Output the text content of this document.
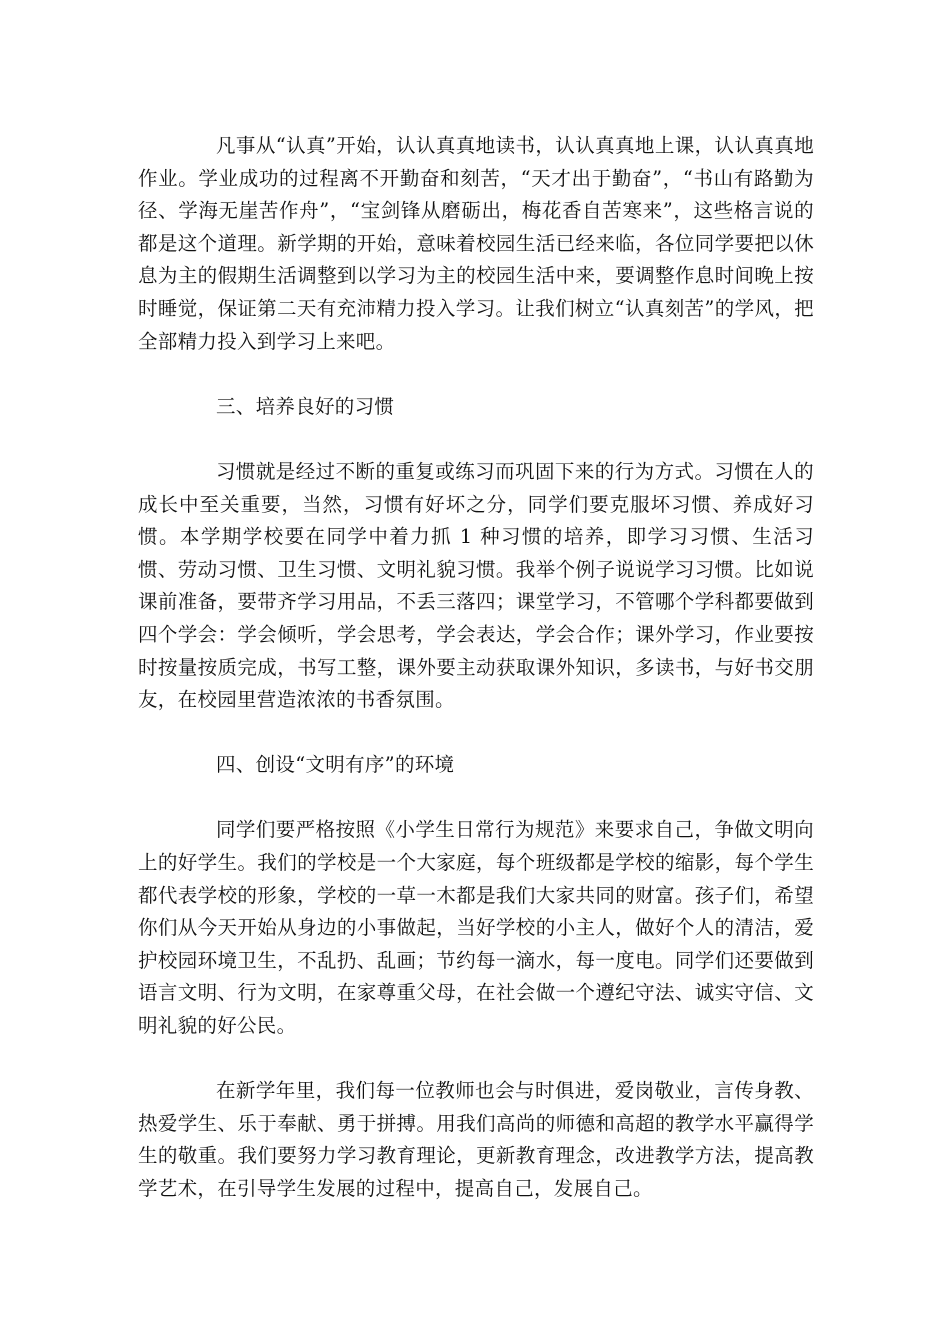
凡事从“认真”开始，认认真真地读书，认认真真地上课，认认真真地作业。学业成功的过程离不开勤奋和刻苦，“天才出于勤奋”，“书山有路勤为径、学海无崖苦作舟”，“宝剑锋从磨砺出，梅花香自苦寒来”，这些格言说的都是这个道理。新学期的开始，意味着校园生活已经来临，各位同学要把以休息为主的假期生活调整到以学习为主的校园生活中来，要调整作息时间晚上按时睡觉，保证第二天有充沛精力投入学习。让我们树立“认真刻苦”的学风，把全部精力投入到学习上来吧。

三、培养良好的习惯

习惯就是经过不断的重复或练习而巩固下来的行为方式。习惯在人的成长中至关重要，当然，习惯有好坏之分，同学们要克服坏习惯、养成好习惯。本学期学校要在同学中着力抓 1 种习惯的培养，即学习习惯、生活习惯、劳动习惯、卫生习惯、文明礼貌习惯。我举个例子说说学习习惯。比如说课前准备，要带齐学习用品，不丢三落四；课堂学习，不管哪个学科都要做到四个学会：学会倾听，学会思考，学会表达，学会合作；课外学习，作业要按时按量按质完成，书写工整，课外要主动获取课外知识，多读书，与好书交朋友，在校园里营造浓浓的书香氛围。

四、创设“文明有序”的环境

同学们要严格按照《小学生日常行为规范》来要求自己，争做文明向上的好学生。我们的学校是一个大家庭，每个班级都是学校的缩影，每个学生都代表学校的形象，学校的一草一木都是我们大家共同的财富。孩子们，希望你们从今天开始从身边的小事做起，当好学校的小主人，做好个人的清洁，爱护校园环境卫生，不乱扔、乱画；节约每一滴水，每一度电。同学们还要做到语言文明、行为文明，在家尊重父母，在社会做一个遵纪守法、诚实守信、文明礼貌的好公民。

在新学年里，我们每一位教师也会与时俱进，爱岗敬业，言传身教、热爱学生、乐于奉献、勇于拼搏。用我们高尚的师德和高超的教学水平赢得学生的敬重。我们要努力学习教育理论，更新教育理念，改进教学方法，提高教学艺术，在引导学生发展的过程中，提高自己，发展自己。
